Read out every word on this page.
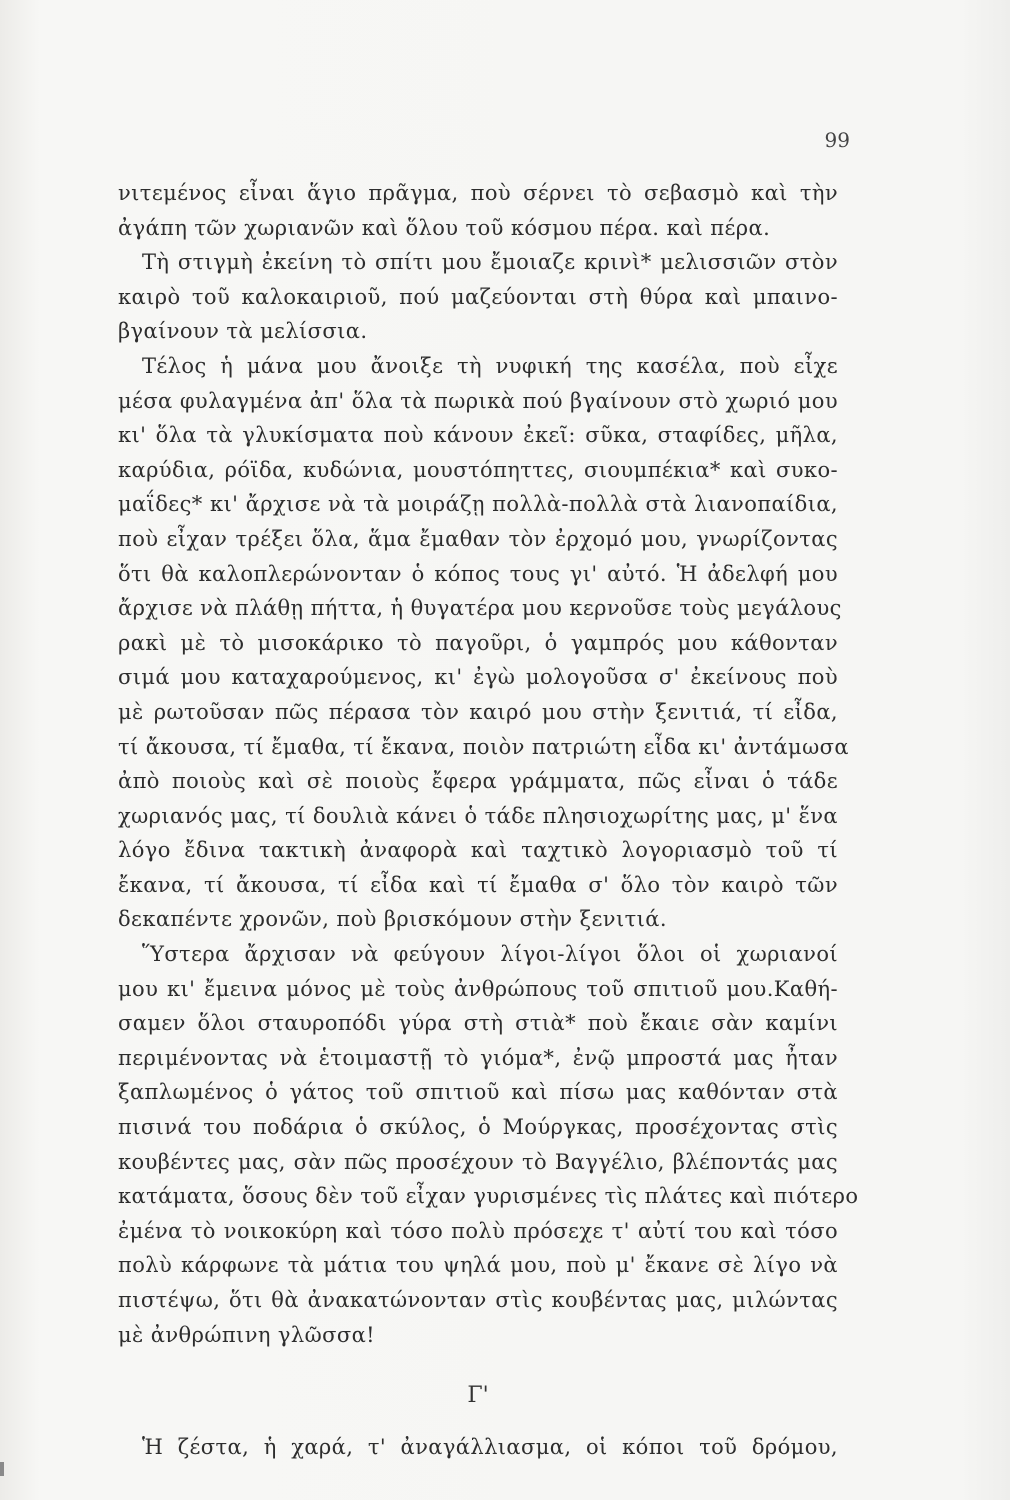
99
νιτεμένος εἶναι ἅγιο πρᾶγμα, ποὺ σέρνει τὸ σεβασμὸ καὶ τὴν
ἀγάπη τῶν χωριανῶν καὶ ὅλου τοῦ κόσμου πέρα. καὶ πέρα.
Τὴ στιγμὴ ἐκείνη τὸ σπίτι μου ἔμοιαζε κρινὶ* μελισσιῶν στὸν
καιρὸ τοῦ καλοκαιριοῦ, πού μαζεύονται στὴ θύρα καὶ μπαινο-
βγαίνουν τὰ μελίσσια.
Τέλος ἡ μάνα μου ἄνοιξε τὴ νυφική της κασέλα, ποὺ εἶχε
μέσα φυλαγμένα ἀπ' ὅλα τὰ πωρικὰ πού βγαίνουν στὸ χωριό μου
κι' ὅλα τὰ γλυκίσματα ποὺ κάνουν ἐκεῖ: σῦκα, σταφίδες, μῆλα,
καρύδια, ρόϊδα, κυδώνια, μουστόπηττες, σιουμπέκια* καὶ συκο-
μαΐδες* κι' ἄρχισε νὰ τὰ μοιράζῃ πολλὰ-πολλὰ στὰ λιανοπαίδια,
ποὺ εἶχαν τρέξει ὅλα, ἅμα ἔμαθαν τὸν ἐρχομό μου, γνωρίζοντας
ὅτι θὰ καλοπλερώνονταν ὁ κόπος τους γι' αὐτό. Ἡ ἀδελφή μου
ἄρχισε νὰ πλάθῃ πήττα, ἡ θυγατέρα μου κερνοῦσε τοὺς μεγάλους
ρακὶ μὲ τὸ μισοκάρικο τὸ παγοῦρι, ὁ γαμπρός μου κάθονταν
σιμά μου καταχαρούμενος, κι' ἐγὼ μολογοῦσα σ' ἐκείνους ποὺ
μὲ ρωτοῦσαν πῶς πέρασα τὸν καιρό μου στὴν ξενιτιά, τί εἶδα,
τί ἄκουσα, τί ἔμαθα, τί ἔκανα, ποιὸν πατριώτη εἶδα κι' ἀντάμωσα
ἀπὸ ποιοὺς καὶ σὲ ποιοὺς ἔφερα γράμματα, πῶς εἶναι ὁ τάδε
χωριανός μας, τί δουλιὰ κάνει ὁ τάδε πλησιοχωρίτης μας, μ' ἕνα
λόγο ἔδινα τακτικὴ ἀναφορὰ καὶ ταχτικὸ λογοριασμὸ τοῦ τί
ἔκανα, τί ἄκουσα, τί εἶδα καὶ τί ἔμαθα σ' ὅλο τὸν καιρὸ τῶν
δεκαπέντε χρονῶν, ποὺ βρισκόμουν στὴν ξενιτιά.
Ὕστερα ἄρχισαν νὰ φεύγουν λίγοι-λίγοι ὅλοι οἱ χωριανοί
μου κι' ἔμεινα μόνος μὲ τοὺς ἀνθρώπους τοῦ σπιτιοῦ μου.Καθή-
σαμεν ὅλοι σταυροπόδι γύρα στὴ στιὰ* ποὺ ἔκαιε σὰν καμίνι
περιμένοντας νὰ ἑτοιμαστῇ τὸ γιόμα*, ἐνῷ μπροστά μας ἦταν
ξαπλωμένος ὁ γάτος τοῦ σπιτιοῦ καὶ πίσω μας καθόνταν στὰ
πισινά του ποδάρια ὁ σκύλος, ὁ Μούργκας, προσέχοντας στὶς
κουβέντες μας, σὰν πῶς προσέχουν τὸ Βαγγέλιο, βλέποντάς μας
κατάματα, ὅσους δὲν τοῦ εἶχαν γυρισμένες τὶς πλάτες καὶ πιότερο
ἐμένα τὸ νοικοκύρη καὶ τόσο πολὺ πρόσεχε τ' αὐτί του καὶ τόσο
πολὺ κάρφωνε τὰ μάτια του ψηλά μου, ποὺ μ' ἔκανε σὲ λίγο νὰ
πιστέψω, ὅτι θὰ ἀνακατώνονταν στὶς κουβέντας μας, μιλώντας
μὲ ἀνθρώπινη γλῶσσα!
Γ'
Ἡ ζέστα, ἡ χαρά, τ' ἀναγάλλιασμα, οἱ κόποι τοῦ δρόμου,
